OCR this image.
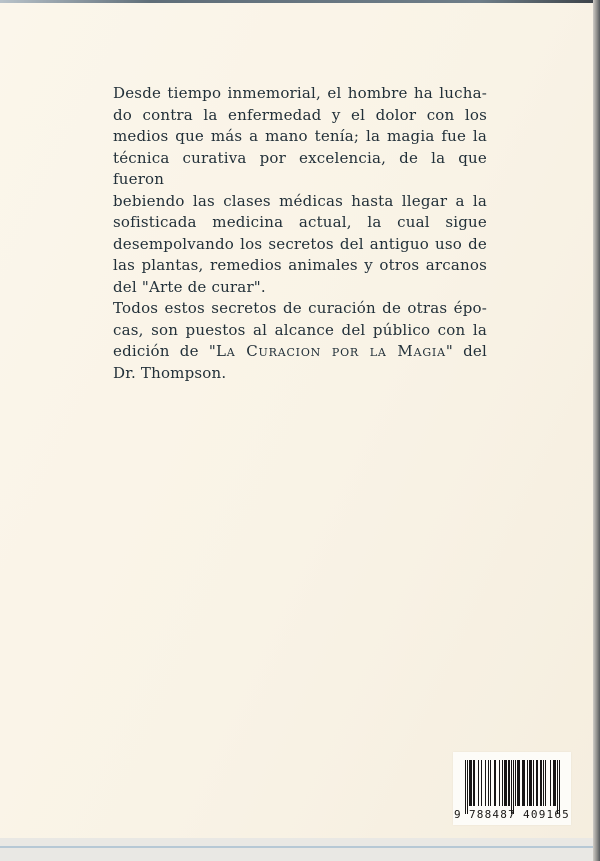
Desde tiempo inmemorial, el hombre ha lucha-
do contra la enfermedad y el dolor con los
medios que más a mano tenía; la magia fue la
técnica curativa por excelencia, de la que fueron
bebiendo las clases médicas hasta llegar a la
sofisticada medicina actual, la cual sigue
desempolvando los secretos del antiguo uso de
las plantas, remedios animales y otros arcanos
del "Arte de curar".
Todos estos secretos de curación de otras épo-
cas, son puestos al alcance del público con la
edición de "La Curacion por la Magia" del
Dr. Thompson.
9 788487 409165
